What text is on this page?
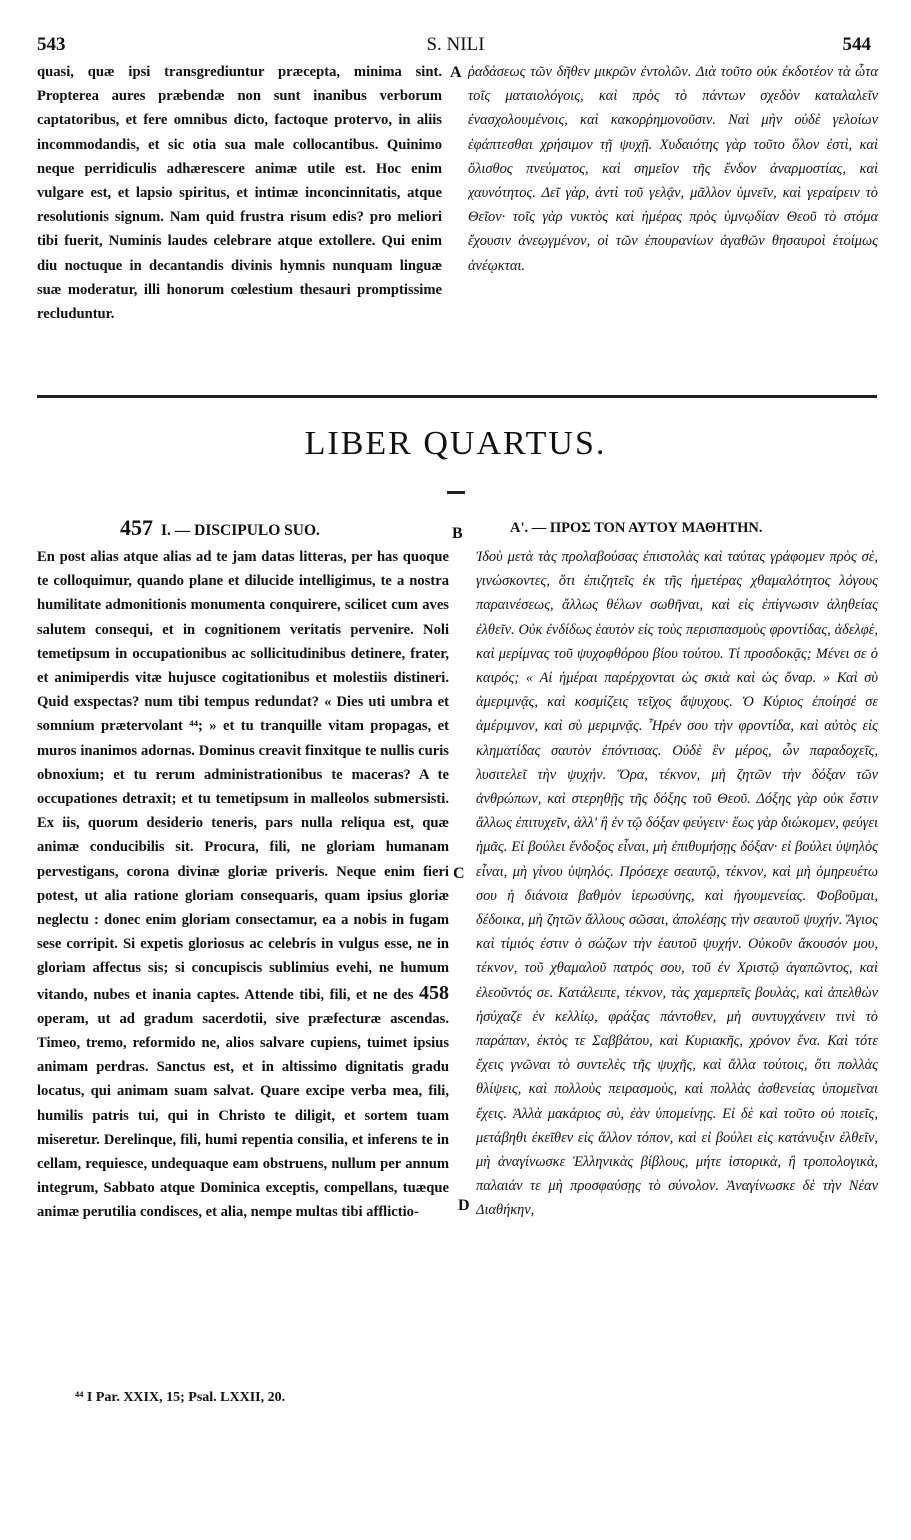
543	S. NILI	544
quasi, quæ ipsi transgrediuntur præcepta, minima sint. Propterea aures præbendæ non sunt inanibus verborum captatoribus, et fere omnibus dicto, factoque protervo, in aliis incommodandis, et sic otia sua male collocantibus. Quinimo neque perridiculis adhærescere animæ utile est. Hoc enim vulgare est, et lapsio spiritus, et intimæ inconcinnitatis, atque resolutionis signum. Nam quid frustra risum edis? pro meliori tibi fuerit, Numinis laudes celebrare atque extollere. Qui enim diu noctuque in decantandis divinis hymnis nunquam linguæ suæ moderatur, illi honorum cœlestium thesauri promptissime recluduntur.
A ῥαδάσεως τῶν δῆθεν μικρῶν ἐντολῶν. Διὰ τοῦτο οὐκ ἐκδοτέον τὰ ὦτα τοῖς ματαιολόγοις, καὶ πρὸς τὸ πάντων σχεδὸν καταλαλεῖν ἐνασχολουμένοις, καὶ κακορῥημονοῦσιν. Ναὶ μὴν οὐδὲ γελοίων ἐφάπτεσθαι χρήσιμον τῇ ψυχῇ. Χυδαιότης γὰρ τοῦτο ὅλον ἐστὶ, καὶ ὄλισθος πνεύματος, καὶ σημεῖον τῆς ἔνδον ἀναρμοστίας, καὶ χαυνότητος. Δεῖ γὰρ, ἀντὶ τοῦ γελᾷν, μᾶλλον ὑμνεῖν, καὶ γεραίρειν τὸ Θεῖον· τοῖς γὰρ νυκτὸς καὶ ἡμέρας πρὸς ὑμνῳδίαν Θεοῦ τὸ στόμα ἔχουσιν ἀνεῳγμένον, οἱ τῶν ἐπουρανίων ἀγαθῶν θησαυροὶ ἑτοίμως ἀνέῳκται.
LIBER QUARTUS.
457 I. — DISCIPULO SUO.	B	Α'. — ΠΡΟΣ ΤΟΝ ΑΥΤΟΥ ΜΑΘΗΤΗΝ.
En post alias atque alias ad te jam datas litteras, per has quoque te colloquimur, quando plane et dilucide intelligimus, te a nostra humilitate admonitionis monumenta conquirere, scilicet cum aves salutem consequi, et in cognitionem veritatis pervenire. Noli temetipsum in occupationibus ac sollicitudinibus detinere, frater, et animiperdis vitæ hujusce cogitationibus et molestiis distineri. Quid exspectas? num tibi tempus redundat? « Dies uti umbra et somnium prætervolant ⁴⁴; » et tu tranquille vitam propagas, et muros inanimos adornas. Dominus creavit finxitque te nullis curis obnoxium; et tu rerum administrationibus te maceras? A te occupationes detraxit; et tu temetipsum in malleolos submersisti. Ex iis, quorum desiderio teneris, pars nulla reliqua est, quæ animæ conducibilis sit. Procura, fili, ne gloriam humanam pervestigans, corona divinæ gloriæ priveris. Neque enim fieri potest, ut alia ratione gloriam consequaris, quam ipsius gloriæ neglectu : donec enim gloriam consectamur, ea a nobis in fugam sese corripit. Si expetis gloriosus ac celebris in vulgus esse, ne in gloriam affectus sis; si concupiscis sublimius evehi, ne humum vitando, nubes et inania captes. Attende tibi, fili, et ne des 458 operam, ut ad gradum sacerdotii, sive præfecturæ ascendas. Timeo, tremo, reformido ne, alios salvare cupiens, tuimet ipsius animam perdras. Sanctus est, et in altissimo dignitatis gradu locatus, qui animam suam salvat. Quare excipe verba mea, fili, humilis patris tui, qui in Christo te diligit, et sortem tuam miseretur. Derelinque, fili, humi repentia consilia, et inferens te in cellam, requiesce, undequaque eam obstruens, nullum per annum integrum, Sabbato atque Dominica exceptis, compellans, tuæque animæ perutilia condisces, et alia, nempe multas tibi afflictio-
C
D
Ἰδοὺ μετὰ τὰς προλαβούσας ἐπιστολὰς καὶ ταύτας γράφομεν πρὸς σὲ, γινώσκοντες, ὅτι ἐπιζητεῖς ἐκ τῆς ἡμετέρας χθαμαλότητος λόγους παραινέσεως, ἄλλως θέλων σωθῆναι, καὶ εἰς ἐπίγνωσιν ἀληθείας ἐλθεῖν. Οὐκ ἐνδίδως ἑαυτὸν εἰς τοὺς περισπασμοὺς φροντίδας, ἀδελφὲ, καὶ μερίμνας τοῦ ψυχοφθόρου βίου τούτου. Τί προσδοκᾷς; Μένει σε ὁ καιρός; « Αἱ ἡμέραι παρέρχονται ὡς σκιὰ καὶ ὡς ὄναρ. » Καὶ σὺ ἀμεριμνᾷς, καὶ κοσμίζεις τεῖχος ἄψυχους. Ὁ Κύριος ἐποίησέ σε ἀμέριμνον, καὶ σὺ μεριμνᾷς. Ἦρέν σου τὴν φροντίδα, καὶ αὐτὸς εἰς κληματίδας σαυτὸν ἐπόντισας. Οὐδὲ ἓν μέρος, ὧν παραδοχεῖς, λυσιτελεῖ τὴν ψυχήν. Ὅρα, τέκνον, μὴ ζητῶν τὴν δόξαν τῶν ἀνθρώπων, καὶ στερηθῇς τῆς δόξης τοῦ Θεοῦ. Δόξης γὰρ οὐκ ἔστιν ἄλλως ἐπιτυχεῖν, ἀλλ' ἢ ἐν τῷ δόξαν φεύγειν· ἕως γὰρ διώκομεν, φεύγει ἡμᾶς. Εἰ βούλει ἔνδοξος εἶναι, μὴ ἐπιθυμήσῃς δόξαν· εἰ βούλει ὑψηλὸς εἶναι, μὴ γίνου ὑψηλός. Πρόσεχε σεαυτῷ, τέκνον, καὶ μὴ ὁμηρευέτω σου ἡ διάνοια βαθμὸν ἱερωσύνης, καὶ ἡγουμενείας. Φοβοῦμαι, δέδοικα, μὴ ζητῶν ἄλλους σῶσαι, ἀπολέσῃς τὴν σεαυτοῦ ψυχήν. Ἅγιος καὶ τίμιός ἐστιν ὁ σώζων τὴν ἑαυτοῦ ψυχήν. Οὐκοῦν ἄκουσόν μου, τέκνον, τοῦ χθαμαλοῦ πατρός σου, τοῦ ἐν Χριστῷ ἀγαπῶντος, καὶ ἐλεοῦντός σε. Κατάλειπε, τέκνον, τὰς χαμερπεῖς βουλὰς, καὶ ἀπελθὼν ἡσύχαζε ἐν κελλίῳ, φράξας πάντοθεν, μὴ συντυγχάνειν τινὶ τὸ παράπαν, ἐκτὸς τε Σαββάτου, καὶ Κυριακῆς, χρόνον ἕνα. Καὶ τότε ἔχεις γνῶναι τὸ συντελὲς τῆς ψυχῆς, καὶ ἄλλα τούτοις, ὅτι πολλὰς θλίψεις, καὶ πολλοὺς πειρασμοὺς, καὶ πολλὰς ἀσθενείας ὑπομεῖναι ἔχεις. Ἀλλὰ μακάριος σὺ, ἐὰν ὑπομείνῃς. Εἰ δὲ καὶ τοῦτο οὐ ποιεῖς, μετάβηθι ἐκεῖθεν εἰς ἄλλον τόπον, καὶ εἰ βούλει εἰς κατάνυξιν ἐλθεῖν, μὴ ἀναγίνωσκε Ἑλληνικὰς βίβλους, μήτε ἱστορικὰ, ἢ τροπολογικὰ, παλαιάν τε μὴ προσφαύσῃς τὸ σύνολον. Ἀναγίνωσκε δὲ τὴν Νέαν Διαθήκην,
⁴⁴ I Par. XXIX, 15; Psal. LXXII, 20.
